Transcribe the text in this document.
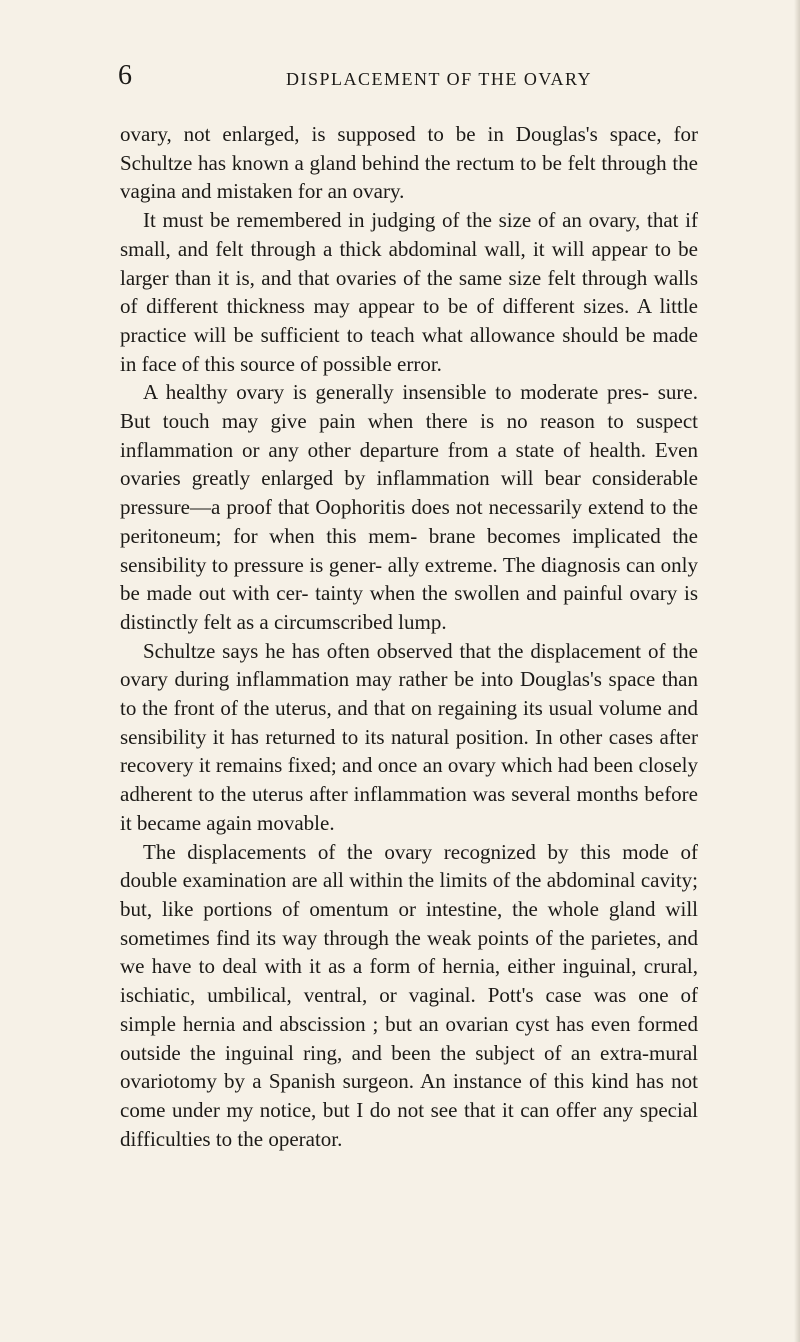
6	DISPLACEMENT OF THE OVARY

ovary, not enlarged, is supposed to be in Douglas's space, for Schultze has known a gland behind the rectum to be felt through the vagina and mistaken for an ovary.

It must be remembered in judging of the size of an ovary, that if small, and felt through a thick abdominal wall, it will appear to be larger than it is, and that ovaries of the same size felt through walls of different thickness may appear to be of different sizes. A little practice will be sufficient to teach what allowance should be made in face of this source of possible error.

A healthy ovary is generally insensible to moderate pres- sure. But touch may give pain when there is no reason to suspect inflammation or any other departure from a state of health. Even ovaries greatly enlarged by inflammation will bear considerable pressure—a proof that Oophoritis does not necessarily extend to the peritoneum; for when this mem- brane becomes implicated the sensibility to pressure is gener- ally extreme. The diagnosis can only be made out with cer- tainty when the swollen and painful ovary is distinctly felt as a circumscribed lump.

Schultze says he has often observed that the displacement of the ovary during inflammation may rather be into Douglas's space than to the front of the uterus, and that on regaining its usual volume and sensibility it has returned to its natural position. In other cases after recovery it remains fixed; and once an ovary which had been closely adherent to the uterus after inflammation was several months before it became again movable.

The displacements of the ovary recognized by this mode of double examination are all within the limits of the abdominal cavity; but, like portions of omentum or intestine, the whole gland will sometimes find its way through the weak points of the parietes, and we have to deal with it as a form of hernia, either inguinal, crural, ischiatic, umbilical, ventral, or vaginal. Pott's case was one of simple hernia and abscission ; but an ovarian cyst has even formed outside the inguinal ring, and been the subject of an extra-mural ovariotomy by a Spanish surgeon. An instance of this kind has not come under my notice, but I do not see that it can offer any special difficulties to the operator.
